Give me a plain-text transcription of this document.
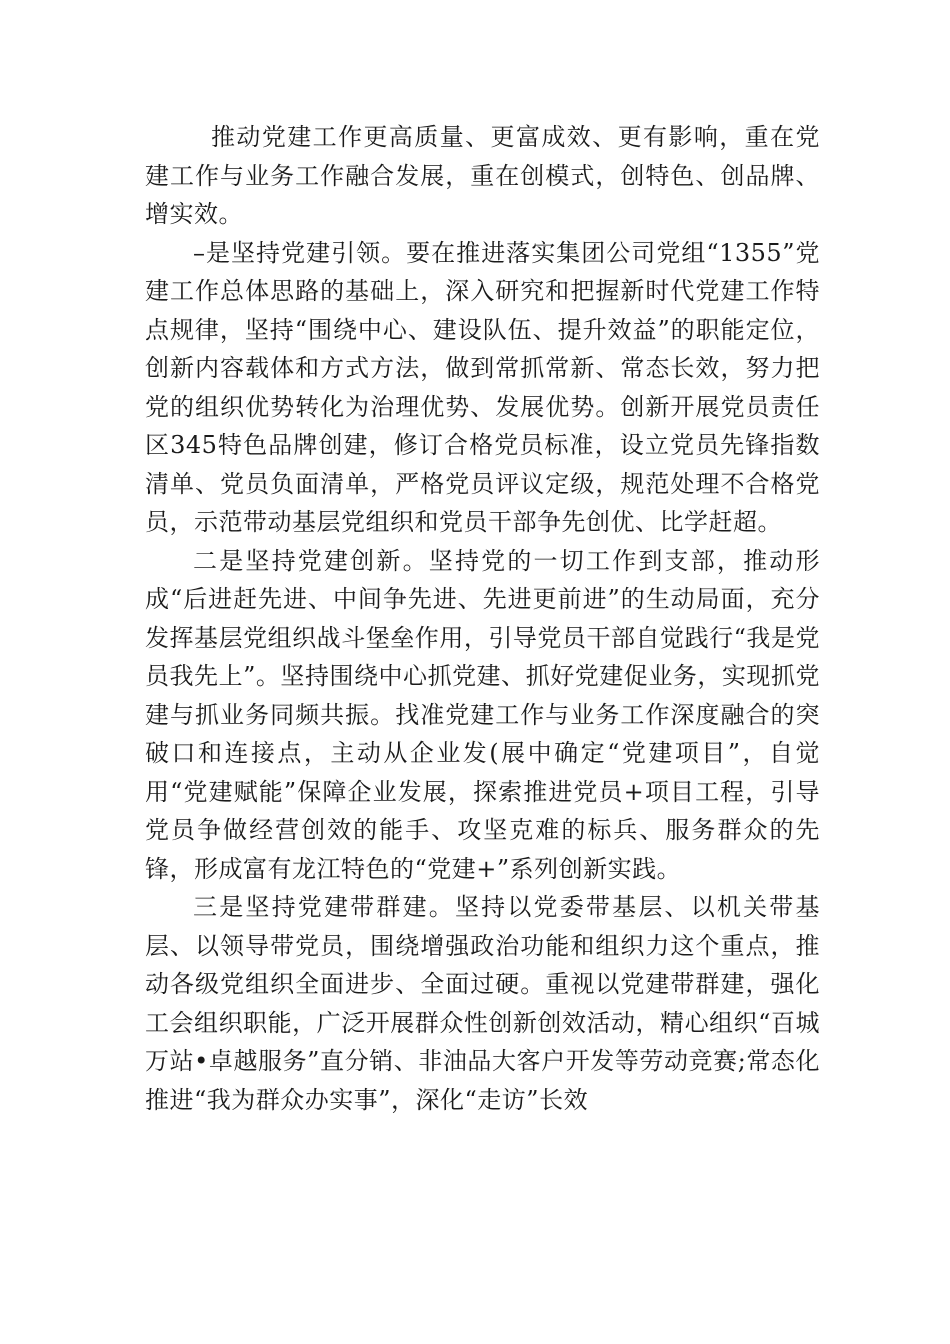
推动党建工作更高质量、更富成效、更有影响，重在党建工作与业务工作融合发展，重在创模式，创特色、创品牌、增实效。

–是坚持党建引领。要在推进落实集团公司党组“1355”党建工作总体思路的基础上，深入研究和把握新时代党建工作特点规律，坚持“围绕中心、建设队伍、提升效益”的职能定位，创新内容载体和方式方法，做到常抓常新、常态长效，努力把党的组织优势转化为治理优势、发展优势。创新开展党员责任区345特色品牌创建，修订合格党员标准，设立党员先锋指数清单、党员负面清单，严格党员评议定级，规范处理不合格党员，示范带动基层党组织和党员干部争先创优、比学赶超。

二是坚持党建创新。坚持党的一切工作到支部，推动形成“后进赶先进、中间争先进、先进更前进”的生动局面，充分发挥基层党组织战斗堡垒作用，引导党员干部自觉践行“我是党员我先上”。坚持围绕中心抓党建、抓好党建促业务，实现抓党建与抓业务同频共振。找准党建工作与业务工作深度融合的突破口和连接点，主动从企业发(展中确定“党建项目”，自觉用“党建赋能”保障企业发展，探索推进党员+项目工程，引导党员争做经营创效的能手、攻坚克难的标兵、服务群众的先锋，形成富有龙江特色的“党建+”系列创新实践。

三是坚持党建带群建。坚持以党委带基层、以机关带基层、以领导带党员，围绕增强政治功能和组织力这个重点，推动各级党组织全面进步、全面过硬。重视以党建带群建，强化工会组织职能，广泛开展群众性创新创效活动，精心组织“百城万站•卓越服务”直分销、非油品大客户开发等劳动竞赛;常态化推进“我为群众办实事”，深化“走访”长效
